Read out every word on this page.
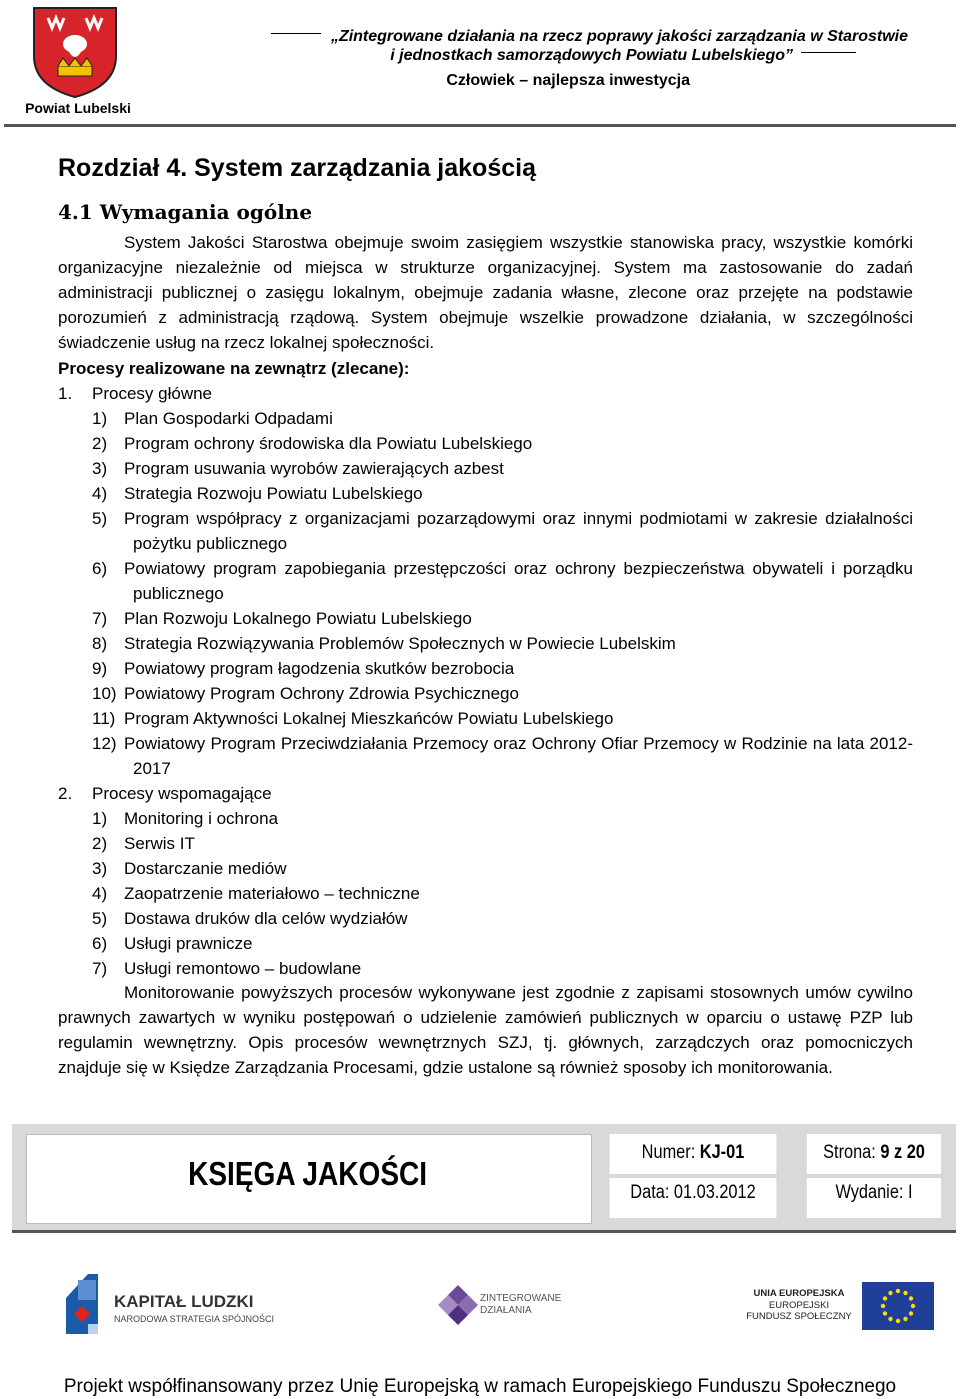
Powiat Lubelski
„Zintegrowane działania na rzecz poprawy jakości zarządzania w Starostwie
i jednostkach samorządowych Powiatu Lubelskiego”
Człowiek – najlepsza inwestycja
Rozdział 4. System zarządzania jakością
4.1 Wymagania ogólne
System Jakości Starostwa obejmuje swoim zasięgiem wszystkie stanowiska pracy, wszystkie komórki organizacyjne niezależnie od miejsca w strukturze organizacyjnej. System ma zastosowanie do zadań administracji publicznej o zasięgu lokalnym, obejmuje zadania własne, zlecone oraz przejęte na podstawie porozumień z administracją rządową. System obejmuje wszelkie prowadzone działania, w szczególności świadczenie usług na rzecz lokalnej społeczności.
Procesy realizowane na zewnątrz (zlecane):
1. Procesy główne
1) Plan Gospodarki Odpadami
2) Program ochrony środowiska dla Powiatu Lubelskiego
3) Program usuwania wyrobów zawierających azbest
4) Strategia Rozwoju Powiatu Lubelskiego
5) Program współpracy z organizacjami pozarządowymi oraz innymi podmiotami w zakresie działalności pożytku publicznego
6) Powiatowy program zapobiegania przestępczości oraz ochrony bezpieczeństwa obywateli i porządku publicznego
7) Plan Rozwoju Lokalnego Powiatu Lubelskiego
8) Strategia Rozwiązywania Problemów Społecznych w Powiecie Lubelskim
9) Powiatowy program łagodzenia skutków bezrobocia
10) Powiatowy Program Ochrony Zdrowia Psychicznego
11) Program Aktywności Lokalnej Mieszkańców Powiatu Lubelskiego
12) Powiatowy Program Przeciwdziałania Przemocy oraz Ochrony Ofiar Przemocy w Rodzinie na lata 2012-2017
2. Procesy wspomagające
1) Monitoring i ochrona
2) Serwis IT
3) Dostarczanie mediów
4) Zaopatrzenie materiałowo – techniczne
5) Dostawa druków dla celów wydziałów
6) Usługi prawnicze
7) Usługi remontowo – budowlane
Monitorowanie powyższych procesów wykonywane jest zgodnie z zapisami stosownych umów cywilno prawnych zawartych w wyniku postępowań o udzielenie zamówień publicznych w oparciu o ustawę PZP lub regulamin wewnętrzny. Opis procesów wewnętrznych SZJ, tj. głównych, zarządczych oraz pomocniczych znajduje się w Księdze Zarządzania Procesami, gdzie ustalone są również sposoby ich monitorowania.
KSIĘGA JAKOŚCI
Numer: KJ-01	Strona: 9 z 20
Data: 01.03.2012	Wydanie: I
KAPITAŁ LUDZKI
NARODOWA STRATEGIA SPÓJNOŚCI
ZINTEGROWANE
DZIAŁANIA
UNIA EUROPEJSKA
EUROPEJSKI
FUNDUSZ SPOŁECZNY
Projekt współfinansowany przez Unię Europejską w ramach Europejskiego Funduszu Społecznego
